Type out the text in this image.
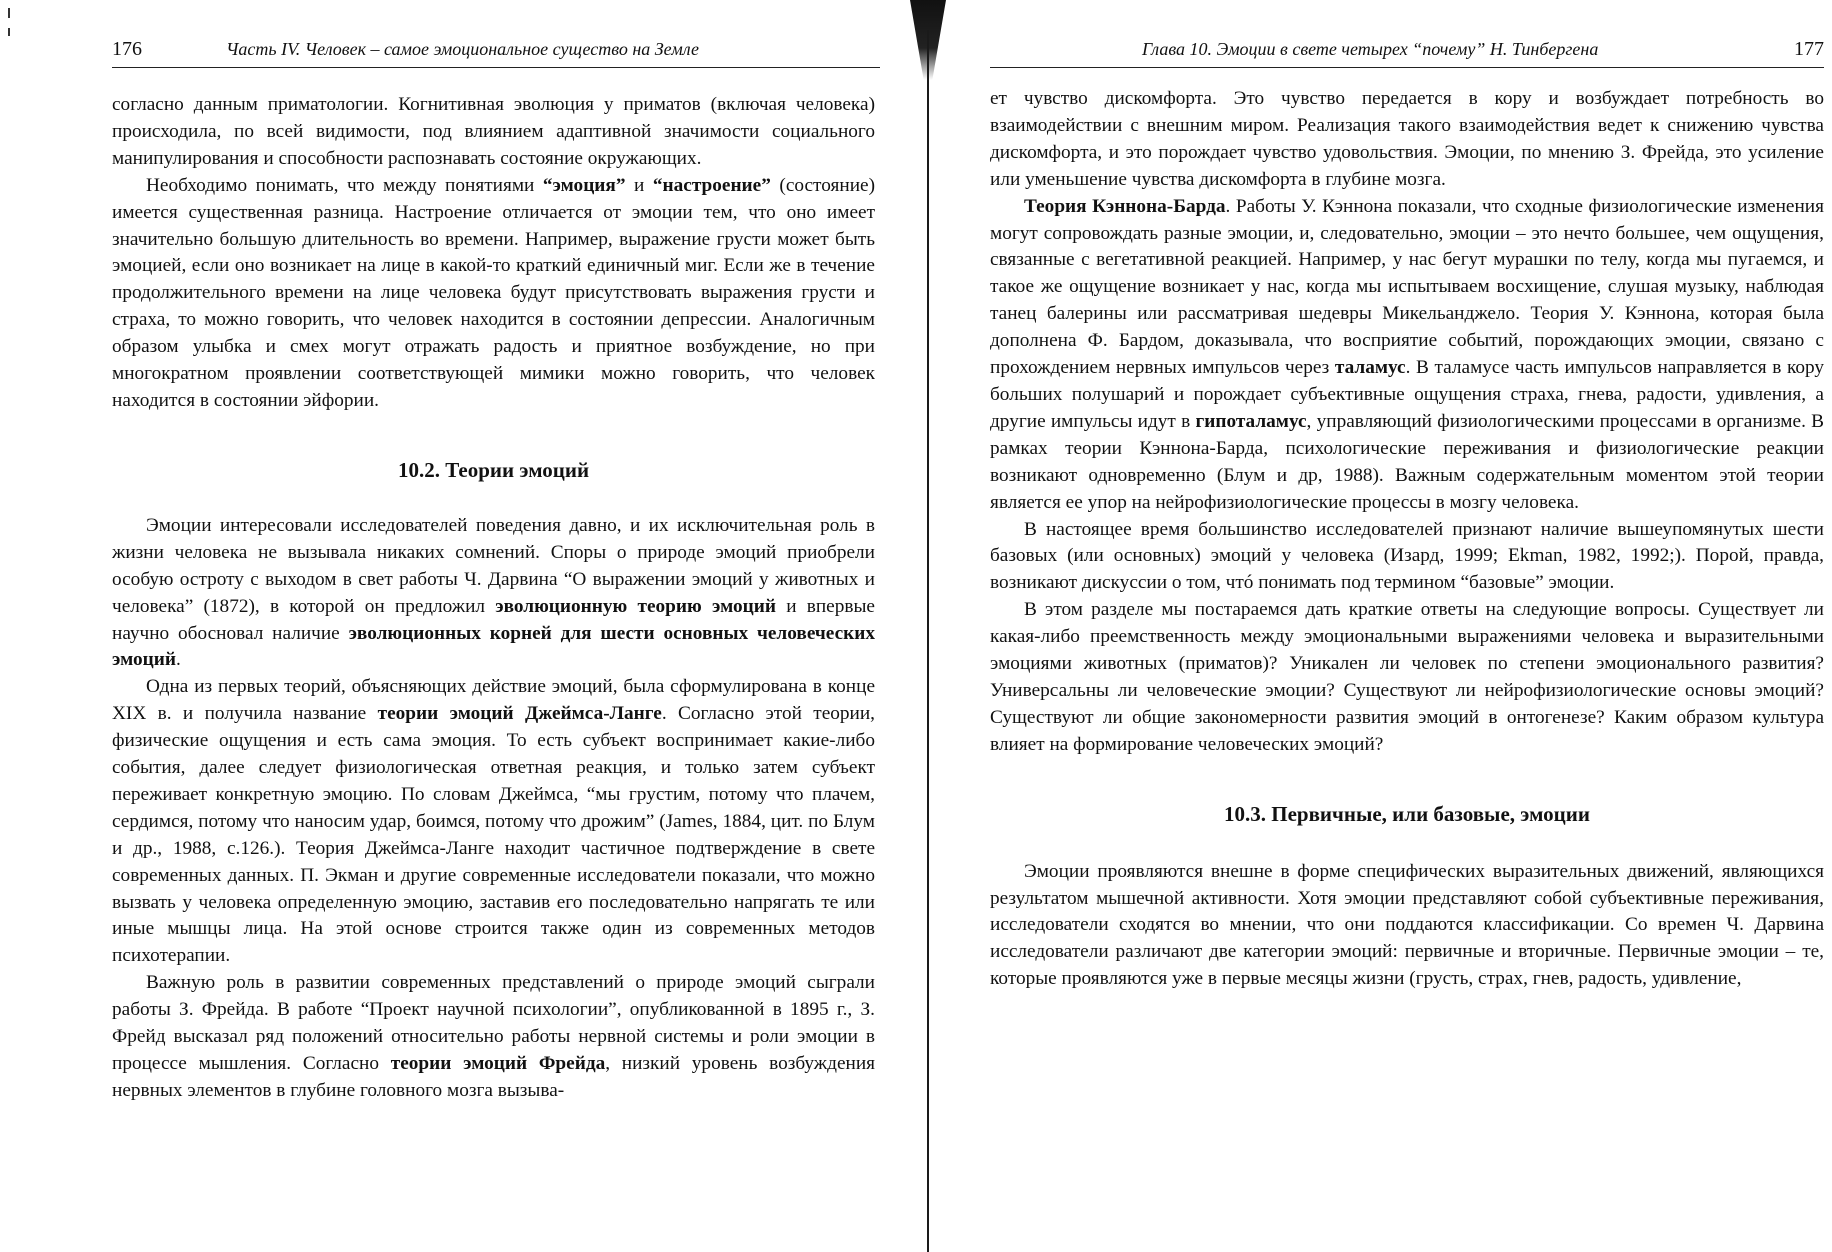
176	Часть IV. Человек – самое эмоциональное существо на Земле

согласно данным приматологии. Когнитивная эволюция у приматов (включая человека) происходила, по всей видимости, под влиянием адаптивной значимости социального манипулирования и способности распознавать состояние окружающих.

Необходимо понимать, что между понятиями “эмоция” и “настроение” (состояние) имеется существенная разница. Настроение отличается от эмоции тем, что оно имеет значительно большую длительность во времени. Например, выражение грусти может быть эмоцией, если оно возникает на лице в какой-то краткий единичный миг. Если же в течение продолжительного времени на лице человека будут присутствовать выражения грусти и страха, то можно говорить, что человек находится в состоянии депрессии. Аналогичным образом улыбка и смех могут отражать радость и приятное возбуждение, но при многократном проявлении соответствующей мимики можно говорить, что человек находится в состоянии эйфории.

10.2. Теории эмоций

Эмоции интересовали исследователей поведения давно, и их исключительная роль в жизни человека не вызывала никаких сомнений. Споры о природе эмоций приобрели особую остроту с выходом в свет работы Ч. Дарвина “О выражении эмоций у животных и человека” (1872), в которой он предложил эволюционную теорию эмоций и впервые научно обосновал наличие эволюционных корней для шести основных человеческих эмоций.

Одна из первых теорий, объясняющих действие эмоций, была сформулирована в конце XIX в. и получила название теории эмоций Джеймса-Ланге. Согласно этой теории, физические ощущения и есть сама эмоция. То есть субъект воспринимает какие-либо события, далее следует физиологическая ответная реакция, и только затем субъект переживает конкретную эмоцию. По словам Джеймса, “мы грустим, потому что плачем, сердимся, потому что наносим удар, боимся, потому что дрожим” (James, 1884, цит. по Блум и др., 1988, с.126.). Теория Джеймса-Ланге находит частичное подтверждение в свете современных данных. П. Экман и другие современные исследователи показали, что можно вызвать у человека определенную эмоцию, заставив его последовательно напрягать те или иные мышцы лица. На этой основе строится также один из современных методов психотерапии.

Важную роль в развитии современных представлений о природе эмоций сыграли работы З. Фрейда. В работе “Проект научной психологии”, опубликованной в 1895 г., З. Фрейд высказал ряд положений относительно работы нервной системы и роли эмоции в процессе мышления. Согласно теории эмоций Фрейда, низкий уровень возбуждения нервных элементов в глубине головного мозга вызыва-

Глава 10. Эмоции в свете четырех “почему” Н. Тинбергена	177

ет чувство дискомфорта. Это чувство передается в кору и возбуждает потребность во взаимодействии с внешним миром. Реализация такого взаимодействия ведет к снижению чувства дискомфорта, и это порождает чувство удовольствия. Эмоции, по мнению З. Фрейда, это усиление или уменьшение чувства дискомфорта в глубине мозга.

Теория Кэннона-Барда. Работы У. Кэннона показали, что сходные физиологические изменения могут сопровождать разные эмоции, и, следовательно, эмоции – это нечто большее, чем ощущения, связанные с вегетативной реакцией. Например, у нас бегут мурашки по телу, когда мы пугаемся, и такое же ощущение возникает у нас, когда мы испытываем восхищение, слушая музыку, наблюдая танец балерины или рассматривая шедевры Микельанджело. Теория У. Кэннона, которая была дополнена Ф. Бардом, доказывала, что восприятие событий, порождающих эмоции, связано с прохождением нервных импульсов через таламус. В таламусе часть импульсов направляется в кору больших полушарий и порождает субъективные ощущения страха, гнева, радости, удивления, а другие импульсы идут в гипоталамус, управляющий физиологическими процессами в организме. В рамках теории Кэннона-Барда, психологические переживания и физиологические реакции возникают одновременно (Блум и др, 1988). Важным содержательным моментом этой теории является ее упор на нейрофизиологические процессы в мозгу человека.

В настоящее время большинство исследователей признают наличие вышеупомянутых шести базовых (или основных) эмоций у человека (Изард, 1999; Ekman, 1982, 1992;). Порой, правда, возникают дискуссии о том, чтó понимать под термином “базовые” эмоции.

В этом разделе мы постараемся дать краткие ответы на следующие вопросы. Существует ли какая-либо преемственность между эмоциональными выражениями человека и выразительными эмоциями животных (приматов)? Уникален ли человек по степени эмоционального развития? Универсальны ли человеческие эмоции? Существуют ли нейрофизиологические основы эмоций? Существуют ли общие закономерности развития эмоций в онтогенезе? Каким образом культура влияет на формирование человеческих эмоций?

10.3. Первичные, или базовые, эмоции

Эмоции проявляются внешне в форме специфических выразительных движений, являющихся результатом мышечной активности. Хотя эмоции представляют собой субъективные переживания, исследователи сходятся во мнении, что они поддаются классификации. Со времен Ч. Дарвина исследователи различают две категории эмоций: первичные и вторичные. Первичные эмоции – те, которые проявляются уже в первые месяцы жизни (грусть, страх, гнев, радость, удивление,
